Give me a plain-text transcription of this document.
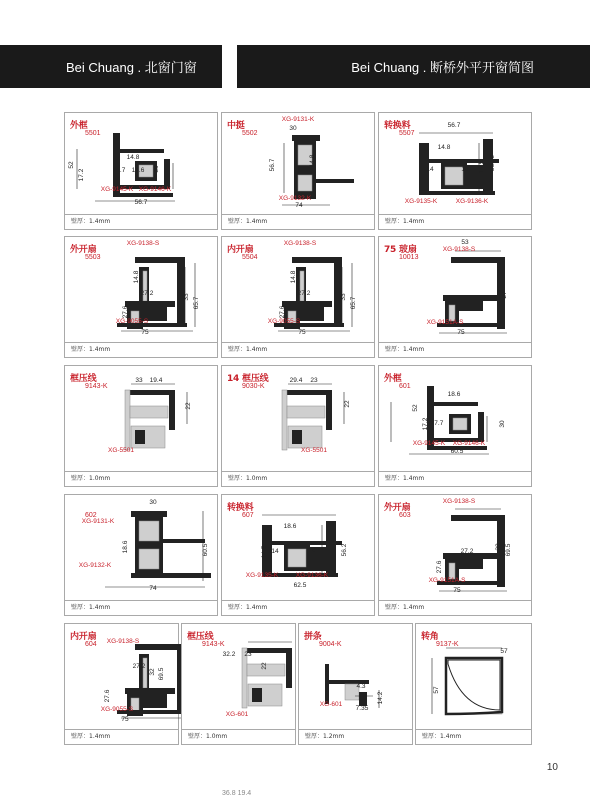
Bei Chuang . 北窗门窗	Bei Chuang . 断桥外平开窗简图
14.8
17.7 18.6
52
17.2	30
56.7
XG-9145-K XG-9146-K
外框
5501
壁厚：1.4mm
30
56.7	14.8
74
XG-9131-K
XG-9132-K
中挺
5502
壁厚：1.4mm
56.7
14.8
14	18 14.5 56.19
XG-9135-K	XG-9136-K
转换料
5507
壁厚：1.4mm
14.8
27.2	33 65.7
27.6
75
XG-9138-S
XG-9055-S
外开扇
5503
壁厚：1.4mm
14.8
27.2	33 65.7
27.6
75
XG-9138-S
XG-9055-S
内开扇
5504
壁厚：1.4mm
53
27
75
XG-9138-S
XG-9151A-S
75 玻扇
10013
壁厚：1.4mm
33 19.4
22
XG-5501
框压线
9143-K
壁厚：1.0mm
29.4 23
22
XG-5501
14 框压线
9030-K
壁厚：1.0mm
18.6
52
17.2 17.7	30
60.5
XG-9145-K XG-9146-K
外框
601
壁厚：1.4mm
30
18.6	60.5
74
XG-9131-K
XG-9132-K
602
壁厚：1.4mm
18.6
14.5 14	18	56.2
62.5
XG-9135-K	XG-9136-K
转换料
607
壁厚：1.4mm
27.2
32 69.5
27.6
75
XG-9138-S
XG-9151A-S
外开扇
603
壁厚：1.4mm
27.2
32 69.5
27.6
75
XG-9138-S
XG-9055-S
内开扇
604
壁厚：1.4mm
32.2 23
22
XG-601
框压线
9143-K
壁厚：1.0mm
4.3
7.35
14.2
XG-601
拼条
9004-K
壁厚：1.2mm
57
57
转角
9137-K
壁厚：1.4mm
10
36.8 19.4
